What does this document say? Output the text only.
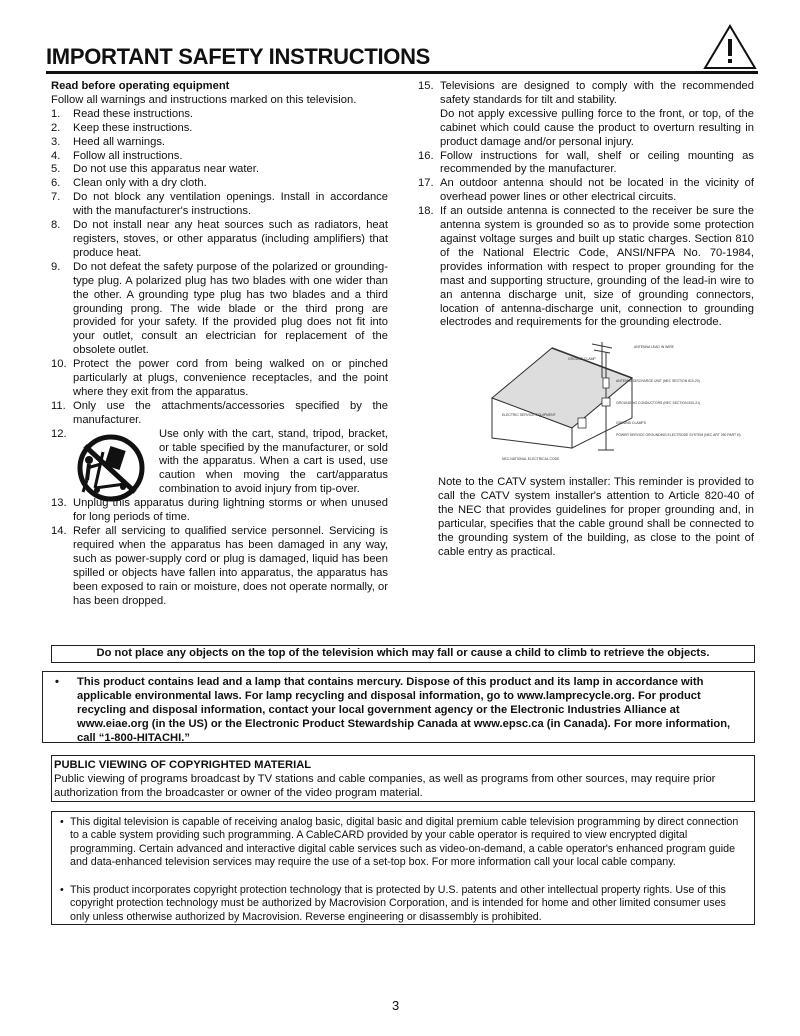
IMPORTANT SAFETY INSTRUCTIONS

Read before operating equipment

Follow all warnings and instructions marked on this television.

1. Read these instructions.
2. Keep these instructions.
3. Heed all warnings.
4. Follow all instructions.
5. Do not use this apparatus near water.
6. Clean only with a dry cloth.
7. Do not block any ventilation openings. Install in accordance with the manufacturer's instructions.
8. Do not install near any heat sources such as radiators, heat registers, stoves, or other apparatus (including amplifiers) that produce heat.
9. Do not defeat the safety purpose of the polarized or grounding-type plug. A polarized plug has two blades with one wider than the other. A grounding type plug has two blades and a third grounding prong. The wide blade or the third prong are provided for your safety. If the provided plug does not fit into your outlet, consult an electrician for replacement of the obsolete outlet.
10. Protect the power cord from being walked on or pinched particularly at plugs, convenience receptacles, and the point where they exit from the apparatus.
11. Only use the attachments/accessories specified by the manufacturer.
12.	Use only with the cart, stand, tripod, bracket, or table specified by the manufacturer, or sold with the apparatus. When a cart is used, use caution when moving the cart/apparatus combination to avoid injury from tip-over.
13. Unplug this apparatus during lightning storms or when unused for long periods of time.
14. Refer all servicing to qualified service personnel. Servicing is required when the apparatus has been damaged in any way, such as power-supply cord or plug is damaged, liquid has been spilled or objects have fallen into apparatus, the apparatus has been exposed to rain or moisture, does not operate normally, or has been dropped.
15. Televisions are designed to comply with the recommended safety standards for tilt and stability.
Do not apply excessive pulling force to the front, or top, of the cabinet which could cause the product to overturn resulting in product damage and/or personal injury.
16. Follow instructions for wall, shelf or ceiling mounting as recommended by the manufacturer.
17. An outdoor antenna should not be located in the vicinity of overhead power lines or other electrical circuits.
18. If an outside antenna is connected to the receiver be sure the antenna system is grounded so as to provide some protection against voltage surges and built up static charges. Section 810 of the National Electric Code, ANSI/NFPA No. 70-1984, provides information with respect to proper grounding for the mast and supporting structure, grounding of the lead-in wire to an antenna discharge unit, size of grounding connectors, location of antenna-discharge unit, connection to grounding electrodes and requirements for the grounding electrode.
ANTENNA LEAD IN WIRE
GROUND CLAMP
ANTENNA DISCHARGE UNIT (NEC SECTION 810-20)
ELECTRIC SERVICE EQUIPMENT
GROUNDING CONDUCTORS (NEC SECTION 810-21)
GROUND CLAMPS
POWER SERVICE GROUNDING ELECTRODE SYSTEM (NEC ART 250 PART H)
NEC-NATIONAL ELECTRICAL CODE

Note to the CATV system installer: This reminder is provided to call the CATV system installer's attention to Article 820-40 of the NEC that provides guidelines for proper grounding and, in particular, specifies that the cable ground shall be connected to the grounding system of the building, as close to the point of cable entry as practical.

Do not place any objects on the top of the television which may fall or cause a child to climb to retrieve the objects.
• This product contains lead and a lamp that contains mercury. Dispose of this product and its lamp in accordance with applicable environmental laws. For lamp recycling and disposal information, go to www.lamprecycle.org. For product recycling and disposal information, contact your local government agency or the Electronic Industries Alliance at www.eiae.org (in the US) or the Electronic Product Stewardship Canada at www.epsc.ca (in Canada). For more information, call “1-800-HITACHI.”
PUBLIC VIEWING OF COPYRIGHTED MATERIAL
Public viewing of programs broadcast by TV stations and cable companies, as well as programs from other sources, may require prior authorization from the broadcaster or owner of the video program material.
• This digital television is capable of receiving analog basic, digital basic and digital premium cable television programming by direct connection to a cable system providing such programming. A CableCARD provided by your cable operator is required to view encrypted digital programming. Certain advanced and interactive digital cable services such as video-on-demand, a cable operator's enhanced program guide and data-enhanced television services may require the use of a set-top box. For more information call your local cable company.
• This product incorporates copyright protection technology that is protected by U.S. patents and other intellectual property rights. Use of this copyright protection technology must be authorized by Macrovision Corporation, and is intended for home and other limited consumer uses only unless otherwise authorized by Macrovision. Reverse engineering or disassembly is prohibited.
3
